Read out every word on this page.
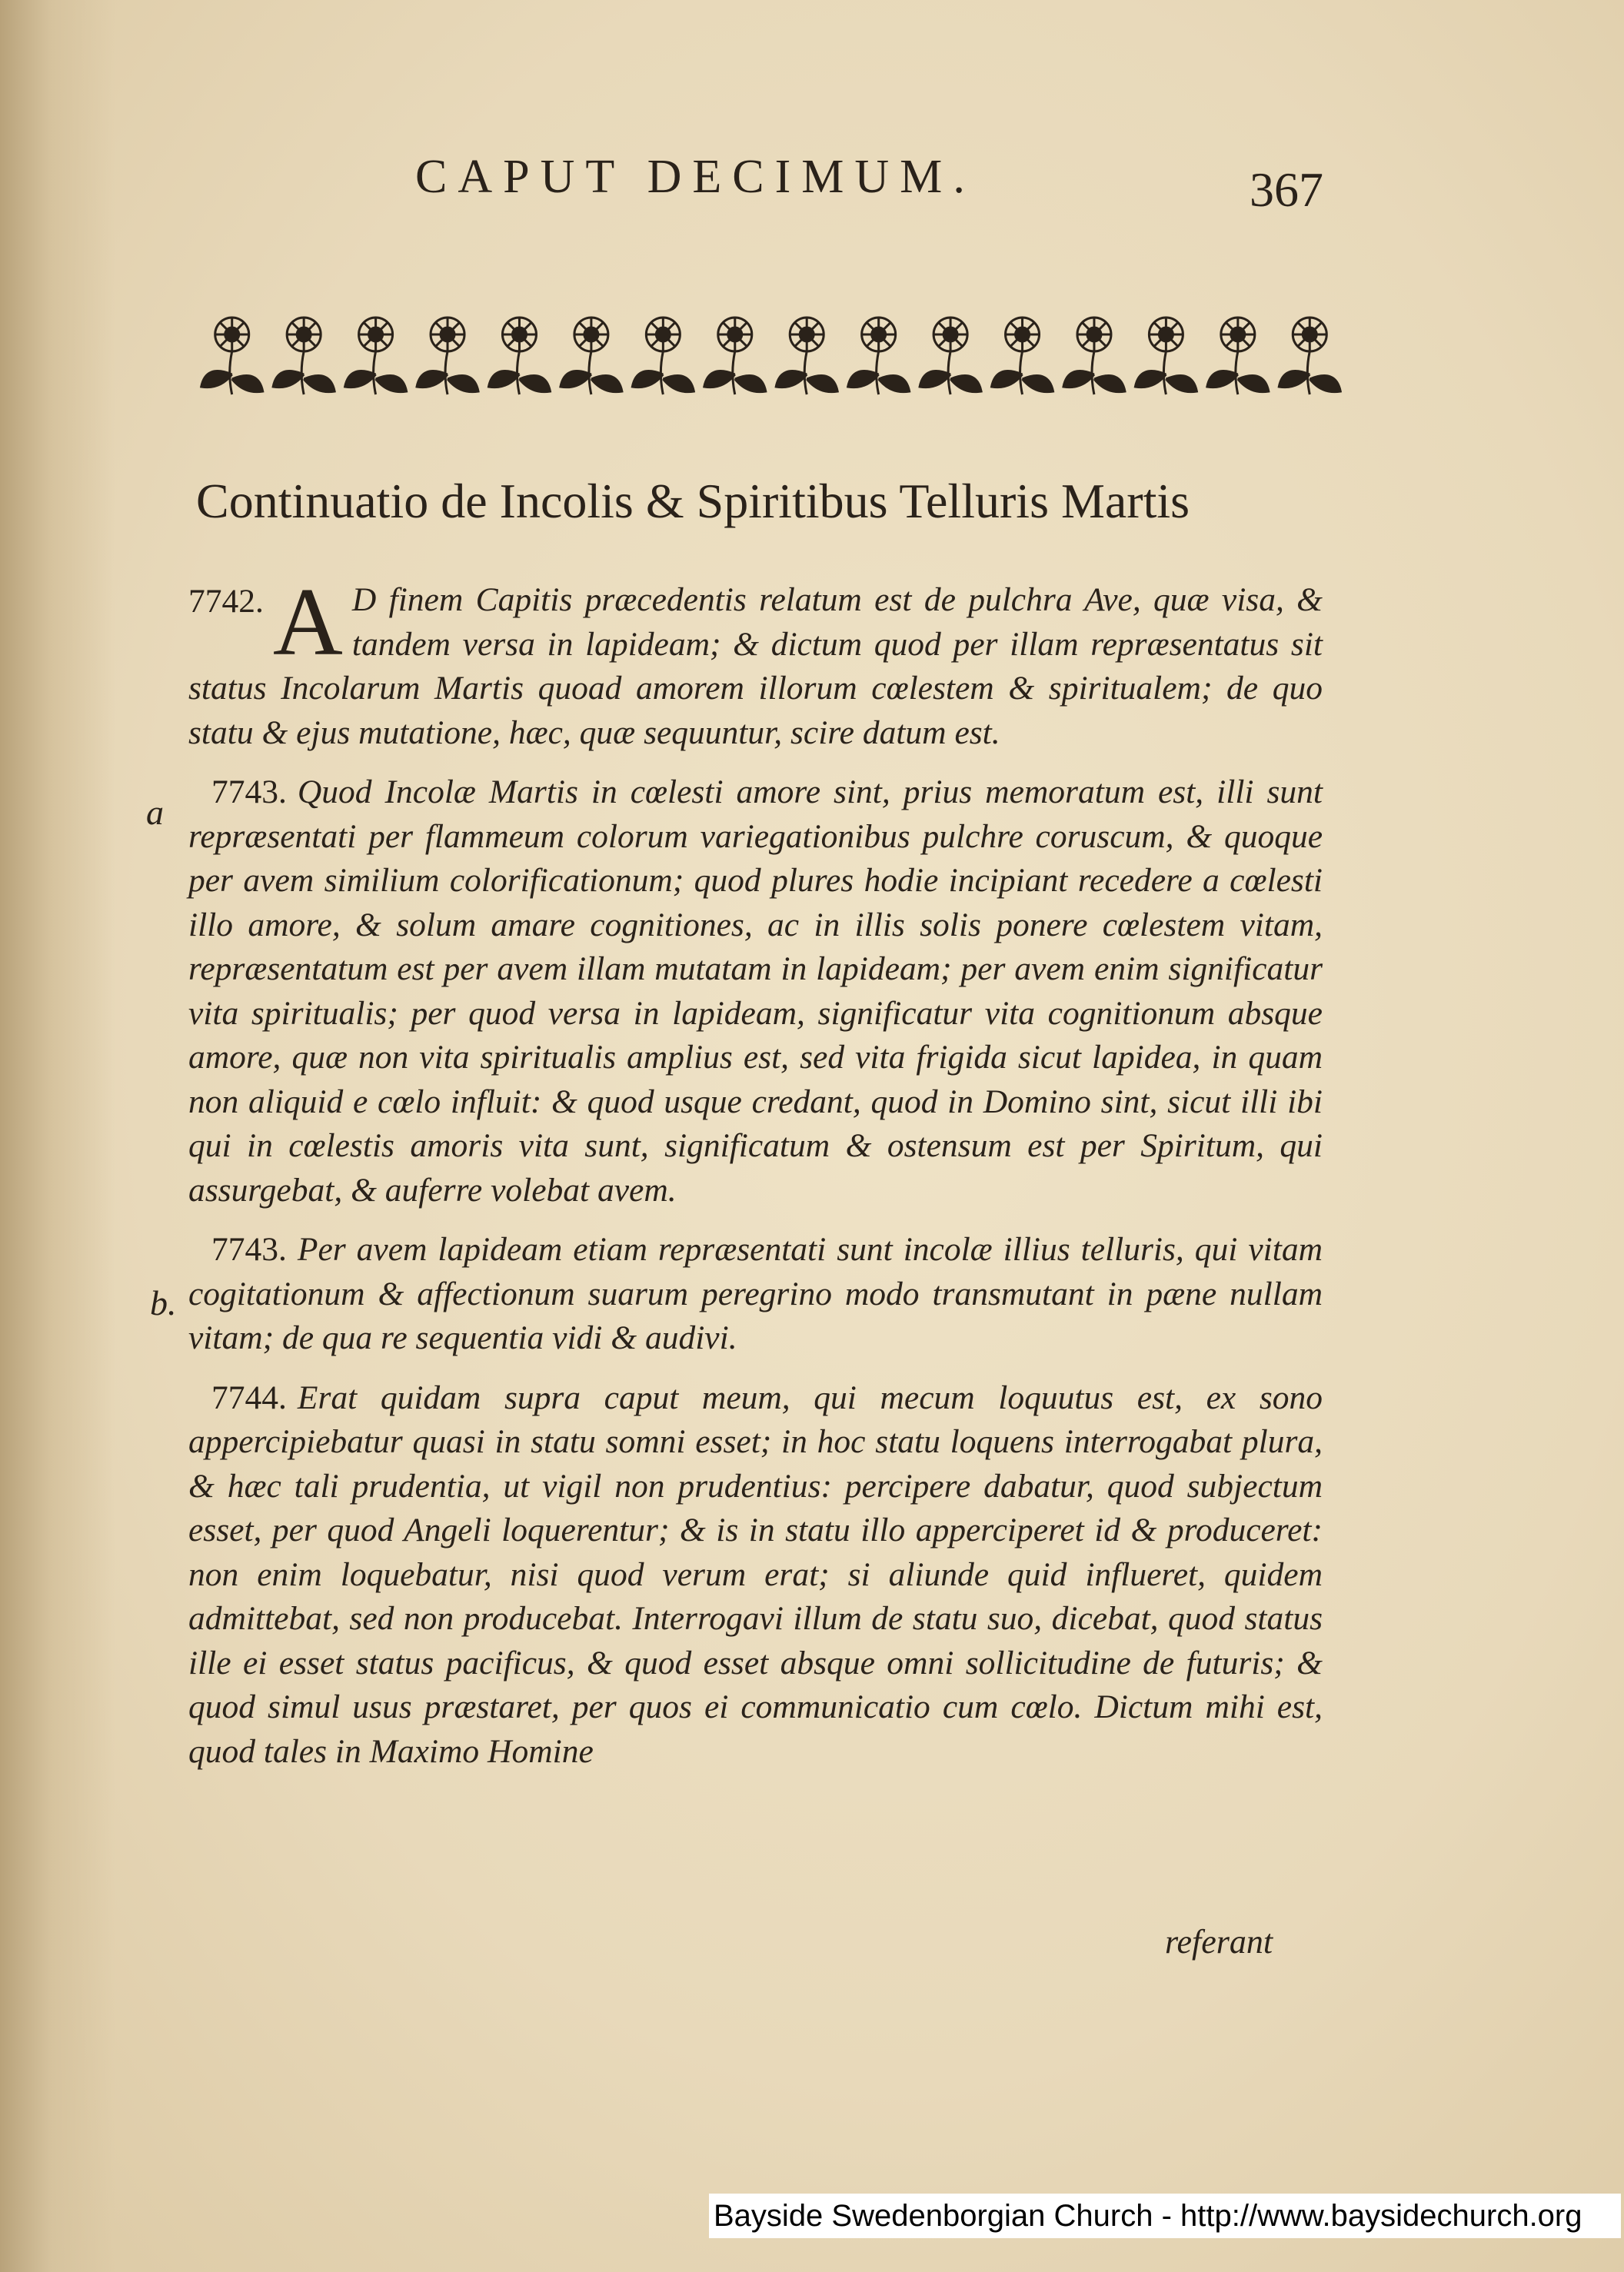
CAPUT DECIMUM.	367
Continuatio de Incolis & Spiritibus Telluris Martis
a
b.

7742. A D finem Capitis præcedentis relatum est de pulchra Ave, quæ visa, & tandem versa in lapideam; & dictum quod per illam repræsentatus sit status Incolarum Martis quoad amorem illorum cœlestem & spiritualem; de quo statu & ejus mutatione, hæc, quæ sequuntur, scire datum est.

7743. Quod Incolæ Martis in cœlesti amore sint, prius memoratum est, illi sunt repræsentati per flammeum colorum variegationibus pulchre coruscum, & quoque per avem similium colorificationum; quod plures hodie incipiant recedere a cœlesti illo amore, & solum amare cognitiones, ac in illis solis ponere cœlestem vitam, repræsentatum est per avem illam mutatam in lapideam; per avem enim significatur vita spiritualis; per quod versa in lapideam, significatur vita cognitionum absque amore, quæ non vita spiritualis amplius est, sed vita frigida sicut lapidea, in quam non aliquid e cœlo influit: & quod usque credant, quod in Domino sint, sicut illi ibi qui in cœlestis amoris vita sunt, significatum & ostensum est per Spiritum, qui assurgebat, & auferre volebat avem.

7743. Per avem lapideam etiam repræsentati sunt incolæ illius telluris, qui vitam cogitationum & affectionum suarum peregrino modo transmutant in pæne nullam vitam; de qua re sequentia vidi & audivi.

7744. Erat quidam supra caput meum, qui mecum loquutus est, ex sono appercipiebatur quasi in statu somni esset; in hoc statu loquens interrogabat plura, & hæc tali prudentia, ut vigil non prudentius: percipere dabatur, quod subjectum esset, per quod Angeli loquerentur; & is in statu illo apperciperet id & produceret: non enim loquebatur, nisi quod verum erat; si aliunde quid influeret, quidem admittebat, sed non producebat. Interrogavi illum de statu suo, dicebat, quod status ille ei esset status pacificus, & quod esset absque omni sollicitudine de futuris; & quod simul usus præstaret, per quos ei communicatio cum cœlo. Dictum mihi est, quod tales in Maximo Homine

referant
Bayside Swedenborgian Church - http://www.baysidechurch.org
